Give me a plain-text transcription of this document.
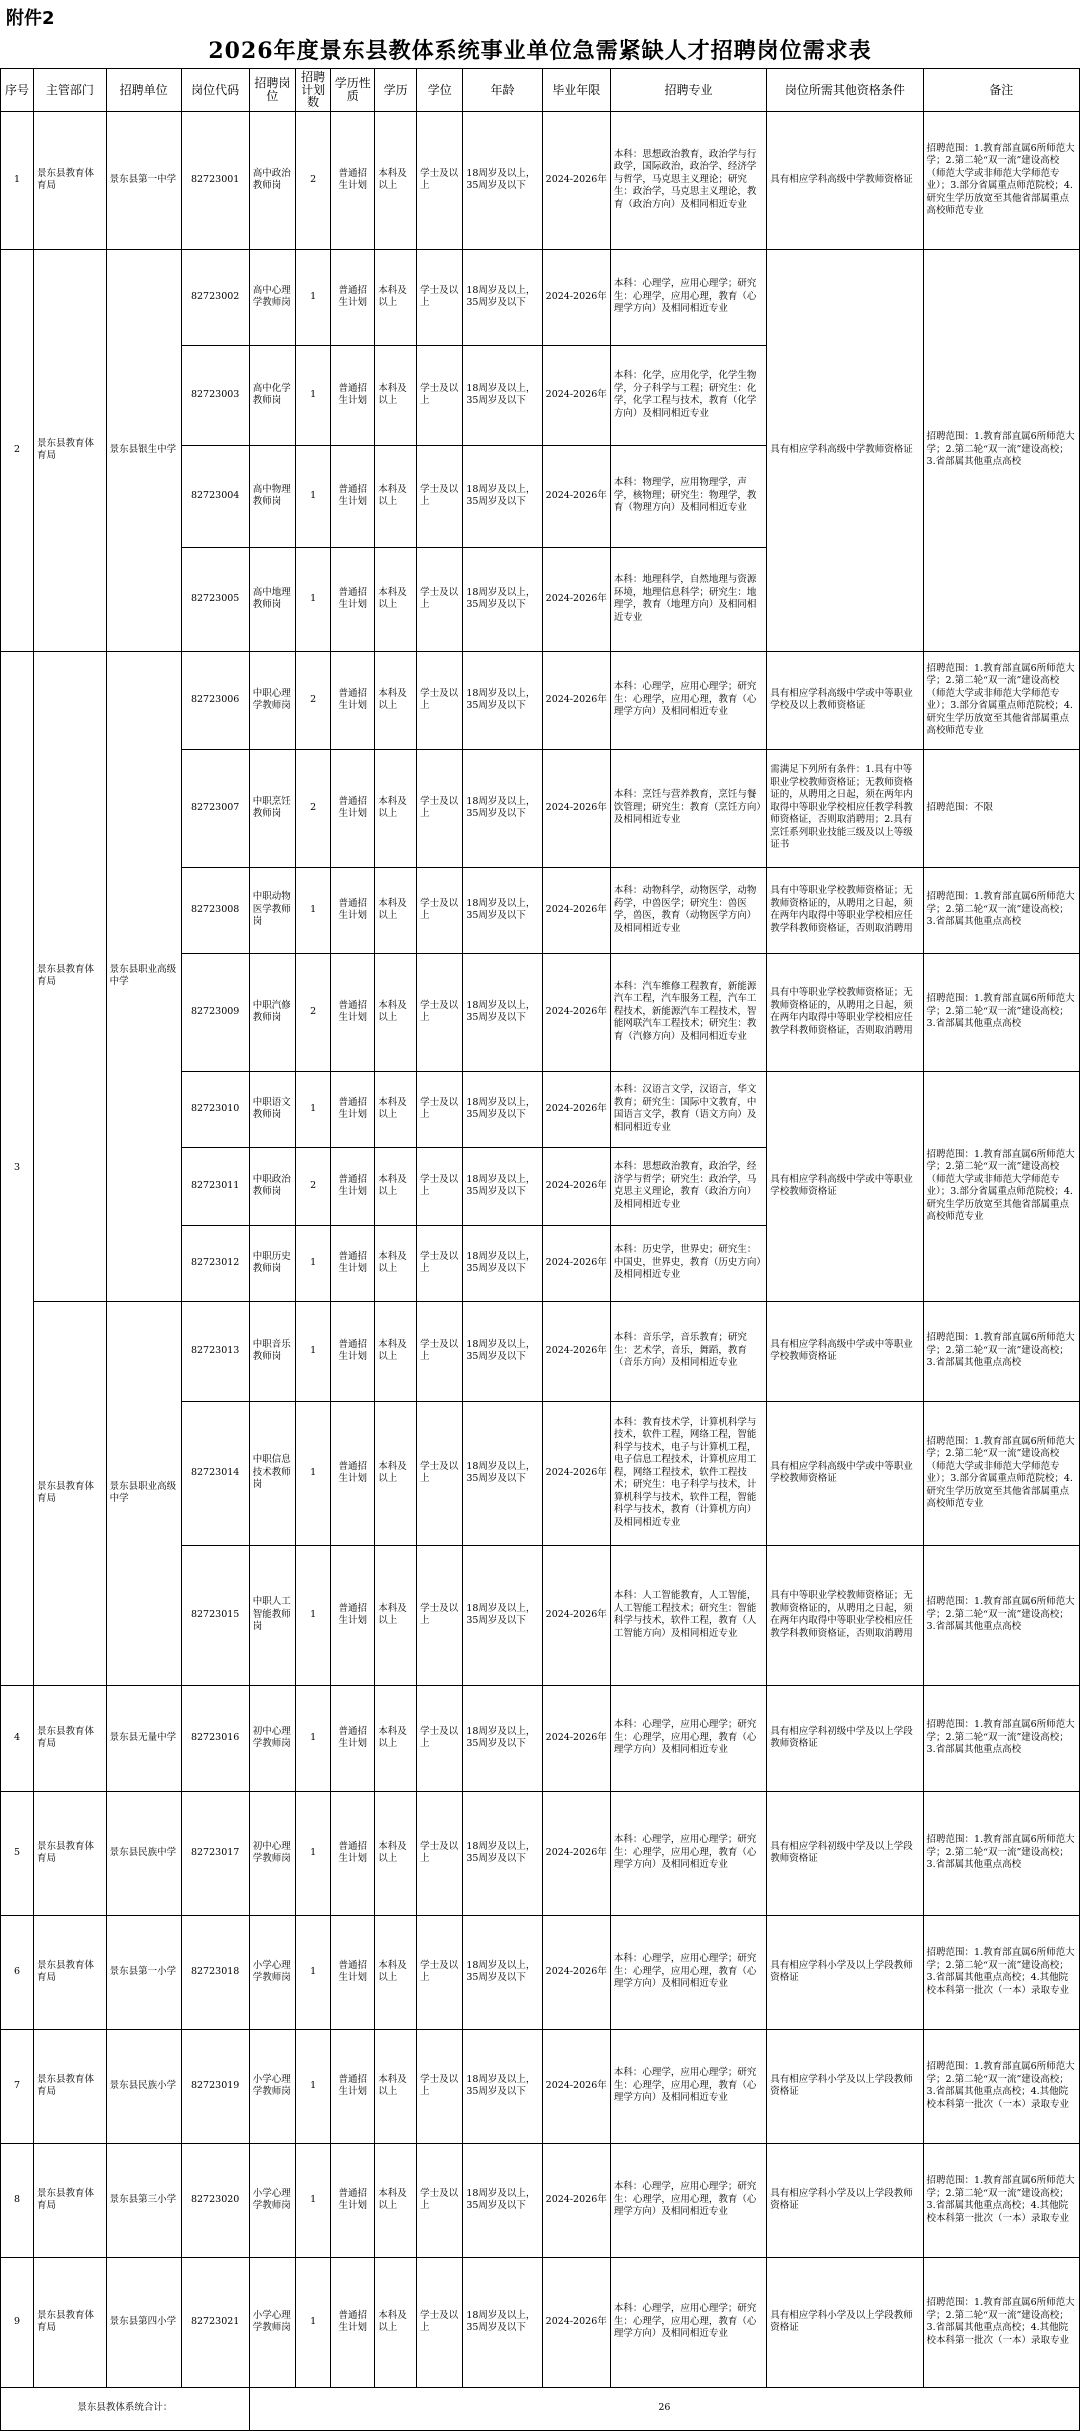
附件2
2026年度景东县教体系统事业单位急需紧缺人才招聘岗位需求表
序号	主管部门	招聘单位	岗位代码	招聘岗位	招聘计划数	学历性质	学历	学位	年龄	毕业年限	招聘专业	岗位所需其他资格条件	备注
1	景东县教育体育局	景东县第一中学	82723001	高中政治教师岗	2	普通招生计划	本科及以上	学士及以上	18周岁及以上，35周岁及以下	2024-2026年	本科：思想政治教育，政治学与行政学，国际政治，政治学、经济学与哲学，马克思主义理论；研究生：政治学，马克思主义理论，教育（政治方向）及相同相近专业	具有相应学科高级中学教师资格证	招聘范围：1.教育部直属6所师范大学；2.第二轮“双一流”建设高校（师范大学或非师范大学师范专业）；3.部分省属重点师范院校；4.研究生学历放宽至其他省部属重点高校师范专业
2	景东县教育体育局	景东县银生中学	82723002	高中心理学教师岗	1	普通招生计划	本科及以上	学士及以上	18周岁及以上，35周岁及以下	2024-2026年	本科：心理学，应用心理学；研究生：心理学，应用心理，教育（心理学方向）及相同相近专业	具有相应学科高级中学教师资格证	招聘范围：1.教育部直属6所师范大学；2.第二轮“双一流”建设高校；3.省部属其他重点高校
			82723003	高中化学教师岗	1	普通招生计划	本科及以上	学士及以上	18周岁及以上，35周岁及以下	2024-2026年	本科：化学，应用化学，化学生物学，分子科学与工程；研究生：化学，化学工程与技术，教育（化学方向）及相同相近专业		
			82723004	高中物理教师岗	1	普通招生计划	本科及以上	学士及以上	18周岁及以上，35周岁及以下	2024-2026年	本科：物理学，应用物理学，声学，核物理；研究生：物理学，教育（物理方向）及相同相近专业		
			82723005	高中地理教师岗	1	普通招生计划	本科及以上	学士及以上	18周岁及以上，35周岁及以下	2024-2026年	本科：地理科学，自然地理与资源环境，地理信息科学；研究生：地理学，教育（地理方向）及相同相近专业		
3	景东县教育体育局	景东县职业高级中学	82723006	中职心理学教师岗	2	普通招生计划	本科及以上	学士及以上	18周岁及以上，35周岁及以下	2024-2026年	本科：心理学，应用心理学；研究生：心理学，应用心理，教育（心理学方向）及相同相近专业	具有相应学科高级中学或中等职业学校及以上教师资格证	招聘范围：1.教育部直属6所师范大学；2.第二轮“双一流”建设高校（师范大学或非师范大学师范专业）；3.部分省属重点师范院校；4.研究生学历放宽至其他省部属重点高校师范专业
			82723007	中职烹饪教师岗	2	普通招生计划	本科及以上	学士及以上	18周岁及以上，35周岁及以下	2024-2026年	本科：烹饪与营养教育，烹饪与餐饮管理；研究生：教育（烹饪方向）及相同相近专业	需满足下列所有条件：1.具有中等职业学校教师资格证；无教师资格证的，从聘用之日起，须在两年内取得中等职业学校相应任教学科教师资格证，否则取消聘用；2.具有烹饪系列职业技能三级及以上等级证书	招聘范围：不限
			82723008	中职动物医学教师岗	1	普通招生计划	本科及以上	学士及以上	18周岁及以上，35周岁及以下	2024-2026年	本科：动物科学，动物医学，动物药学，中兽医学；研究生：兽医学，兽医，教育（动物医学方向）及相同相近专业	具有中等职业学校教师资格证；无教师资格证的，从聘用之日起，须在两年内取得中等职业学校相应任教学科教师资格证，否则取消聘用	招聘范围：1.教育部直属6所师范大学；2.第二轮“双一流”建设高校；3.省部属其他重点高校
			82723009	中职汽修教师岗	2	普通招生计划	本科及以上	学士及以上	18周岁及以上，35周岁及以下	2024-2026年	本科：汽车维修工程教育，新能源汽车工程，汽车服务工程，汽车工程技术，新能源汽车工程技术，智能网联汽车工程技术；研究生：教育（汽修方向）及相同相近专业	具有中等职业学校教师资格证；无教师资格证的，从聘用之日起，须在两年内取得中等职业学校相应任教学科教师资格证，否则取消聘用	招聘范围：1.教育部直属6所师范大学；2.第二轮“双一流”建设高校；3.省部属其他重点高校
			82723010	中职语文教师岗	1	普通招生计划	本科及以上	学士及以上	18周岁及以上，35周岁及以下	2024-2026年	本科：汉语言文学，汉语言，华文教育；研究生：国际中文教育，中国语言文学，教育（语文方向）及相同相近专业	具有相应学科高级中学或中等职业学校教师资格证	招聘范围：1.教育部直属6所师范大学；2.第二轮“双一流”建设高校（师范大学或非师范大学师范专业）；3.部分省属重点师范院校；4.研究生学历放宽至其他省部属重点高校师范专业
			82723011	中职政治教师岗	2	普通招生计划	本科及以上	学士及以上	18周岁及以上，35周岁及以下	2024-2026年	本科：思想政治教育，政治学，经济学与哲学；研究生：政治学，马克思主义理论，教育（政治方向）及相同相近专业		
			82723012	中职历史教师岗	1	普通招生计划	本科及以上	学士及以上	18周岁及以上，35周岁及以下	2024-2026年	本科：历史学，世界史；研究生：中国史，世界史，教育（历史方向）及相同相近专业		
	景东县教育体育局	景东县职业高级中学	82723013	中职音乐教师岗	1	普通招生计划	本科及以上	学士及以上	18周岁及以上，35周岁及以下	2024-2026年	本科：音乐学，音乐教育；研究生：艺术学，音乐，舞蹈，教育（音乐方向）及相同相近专业	具有相应学科高级中学或中等职业学校教师资格证	招聘范围：1.教育部直属6所师范大学；2.第二轮“双一流”建设高校；3.省部属其他重点高校
			82723014	中职信息技术教师岗	1	普通招生计划	本科及以上	学士及以上	18周岁及以上，35周岁及以下	2024-2026年	本科：教育技术学，计算机科学与技术，软件工程，网络工程，智能科学与技术，电子与计算机工程，电子信息工程技术，计算机应用工程，网络工程技术，软件工程技术；研究生：电子科学与技术，计算机科学与技术，软件工程，智能科学与技术，教育（计算机方向）及相同相近专业	具有相应学科高级中学或中等职业学校教师资格证	招聘范围：1.教育部直属6所师范大学；2.第二轮“双一流”建设高校（师范大学或非师范大学师范专业）；3.部分省属重点师范院校；4.研究生学历放宽至其他省部属重点高校师范专业
			82723015	中职人工智能教师岗	1	普通招生计划	本科及以上	学士及以上	18周岁及以上，35周岁及以下	2024-2026年	本科：人工智能教育，人工智能，人工智能工程技术；研究生：智能科学与技术，软件工程，教育（人工智能方向）及相同相近专业	具有中等职业学校教师资格证；无教师资格证的，从聘用之日起，须在两年内取得中等职业学校相应任教学科教师资格证，否则取消聘用	招聘范围：1.教育部直属6所师范大学；2.第二轮“双一流”建设高校；3.省部属其他重点高校
4	景东县教育体育局	景东县无量中学	82723016	初中心理学教师岗	1	普通招生计划	本科及以上	学士及以上	18周岁及以上，35周岁及以下	2024-2026年	本科：心理学，应用心理学；研究生：心理学，应用心理，教育（心理学方向）及相同相近专业	具有相应学科初级中学及以上学段教师资格证	招聘范围：1.教育部直属6所师范大学；2.第二轮“双一流”建设高校；3.省部属其他重点高校
5	景东县教育体育局	景东县民族中学	82723017	初中心理学教师岗	1	普通招生计划	本科及以上	学士及以上	18周岁及以上，35周岁及以下	2024-2026年	本科：心理学，应用心理学；研究生：心理学，应用心理，教育（心理学方向）及相同相近专业	具有相应学科初级中学及以上学段教师资格证	招聘范围：1.教育部直属6所师范大学；2.第二轮“双一流”建设高校；3.省部属其他重点高校
6	景东县教育体育局	景东县第一小学	82723018	小学心理学教师岗	1	普通招生计划	本科及以上	学士及以上	18周岁及以上，35周岁及以下	2024-2026年	本科：心理学，应用心理学；研究生：心理学，应用心理，教育（心理学方向）及相同相近专业	具有相应学科小学及以上学段教师资格证	招聘范围：1.教育部直属6所师范大学；2.第二轮“双一流”建设高校；3.省部属其他重点高校；4.其他院校本科第一批次（一本）录取专业
7	景东县教育体育局	景东县民族小学	82723019	小学心理学教师岗	1	普通招生计划	本科及以上	学士及以上	18周岁及以上，35周岁及以下	2024-2026年	本科：心理学，应用心理学；研究生：心理学，应用心理，教育（心理学方向）及相同相近专业	具有相应学科小学及以上学段教师资格证	招聘范围：1.教育部直属6所师范大学；2.第二轮“双一流”建设高校；3.省部属其他重点高校；4.其他院校本科第一批次（一本）录取专业
8	景东县教育体育局	景东县第三小学	82723020	小学心理学教师岗	1	普通招生计划	本科及以上	学士及以上	18周岁及以上，35周岁及以下	2024-2026年	本科：心理学，应用心理学；研究生：心理学，应用心理，教育（心理学方向）及相同相近专业	具有相应学科小学及以上学段教师资格证	招聘范围：1.教育部直属6所师范大学；2.第二轮“双一流”建设高校；3.省部属其他重点高校；4.其他院校本科第一批次（一本）录取专业
9	景东县教育体育局	景东县第四小学	82723021	小学心理学教师岗	1	普通招生计划	本科及以上	学士及以上	18周岁及以上，35周岁及以下	2024-2026年	本科：心理学，应用心理学；研究生：心理学，应用心理，教育（心理学方向）及相同相近专业	具有相应学科小学及以上学段教师资格证	招聘范围：1.教育部直属6所师范大学；2.第二轮“双一流”建设高校；3.省部属其他重点高校；4.其他院校本科第一批次（一本）录取专业
景东县教体系统合计：				26									
